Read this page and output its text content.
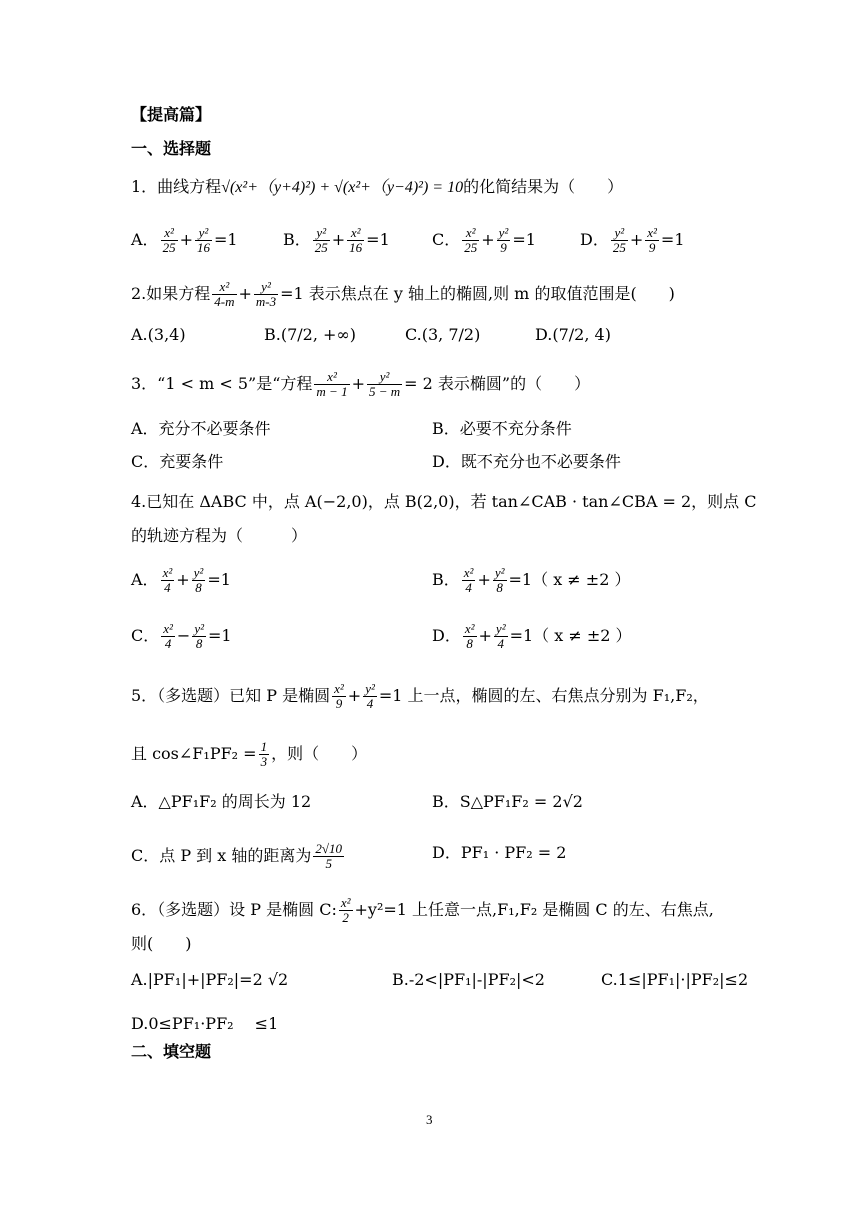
【提高篇】
一、选择题
1．曲线方程√(x²+（y+4)²) + √(x²+（y−4)²) = 10的化简结果为（　　）
A． $\frac{\text{x²}}{25} + \frac{\text{y²}}{16} =1$	B． $\frac{\text{y²}}{25} + \frac{\text{x²}}{16} =1$	C． $\frac{\text{x²}}{25} + \frac{\text{y²}}{9} =1$	D． $\frac{\text{y²}}{25} + \frac{\text{x²}}{9} =1$
2.如果方程 $\frac{\text{x²}}{4-m} + \frac{\text{y²}}{m-3} =1$ 表示焦点在 y 轴上的椭圆,则 m 的取值范围是(　　)
A.(3,4)	B.(7/2, +∞)	C.(3, 7/2)	D.(7/2, 4)
3．“1 < m < 5”是“方程 $\frac{\text{x²}}{m - 1} + \frac{\text{y²}}{5 - m} = 2$ 表示椭圆”的（　　）
A．充分不必要条件	B．必要不充分条件
C．充要条件	D．既不充分也不必要条件
4.已知在 ΔABC 中，点 A(−2,0)，点 B(2,0)，若 tan∠CAB · tan∠CBA = 2，则点 C
的轨迹方程为（　　　）
A． $\frac{\text{x²}}{4} + \frac{\text{y²}}{8} =1$	B． $\frac{\text{x²}}{4} + \frac{\text{y²}}{8} =1$（ x ≠ ±2 ）
C． $\frac{\text{x²}}{4} - \frac{\text{y²}}{8} =1$	D． $\frac{\text{x²}}{8} + \frac{\text{y²}}{4} =1$（ x ≠ ±2 ）
5．（多选题）已知 P 是椭圆 $\frac{\text{x²}}{9} + \frac{\text{y²}}{4} =1$ 上一点，椭圆的左、右焦点分别为 F₁,F₂，
且 cos∠F₁PF₂ = $\frac{1}{3}$ ，则（　　）
A．△PF₁F₂ 的周长为 12	B．S△PF₁F₂ = 2√2
C．点 P 到 x 轴的距离为 $\frac{2√10}{5}$	D．PF₁ · PF₂ = 2
6．（多选题）设 P 是椭圆 C: $\frac{\text{x²}}{2} +y^2=1$ 上任意一点,F₁,F₂ 是椭圆 C 的左、右焦点,
则(　　)
A.|PF₁|+|PF₂|=2 √2	B.-2<|PF₁|-|PF₂|<2	C.1≤|PF₁|·|PF₂|≤2
D.0≤PF₁·PF₂　 ≤1
二、填空题
3
